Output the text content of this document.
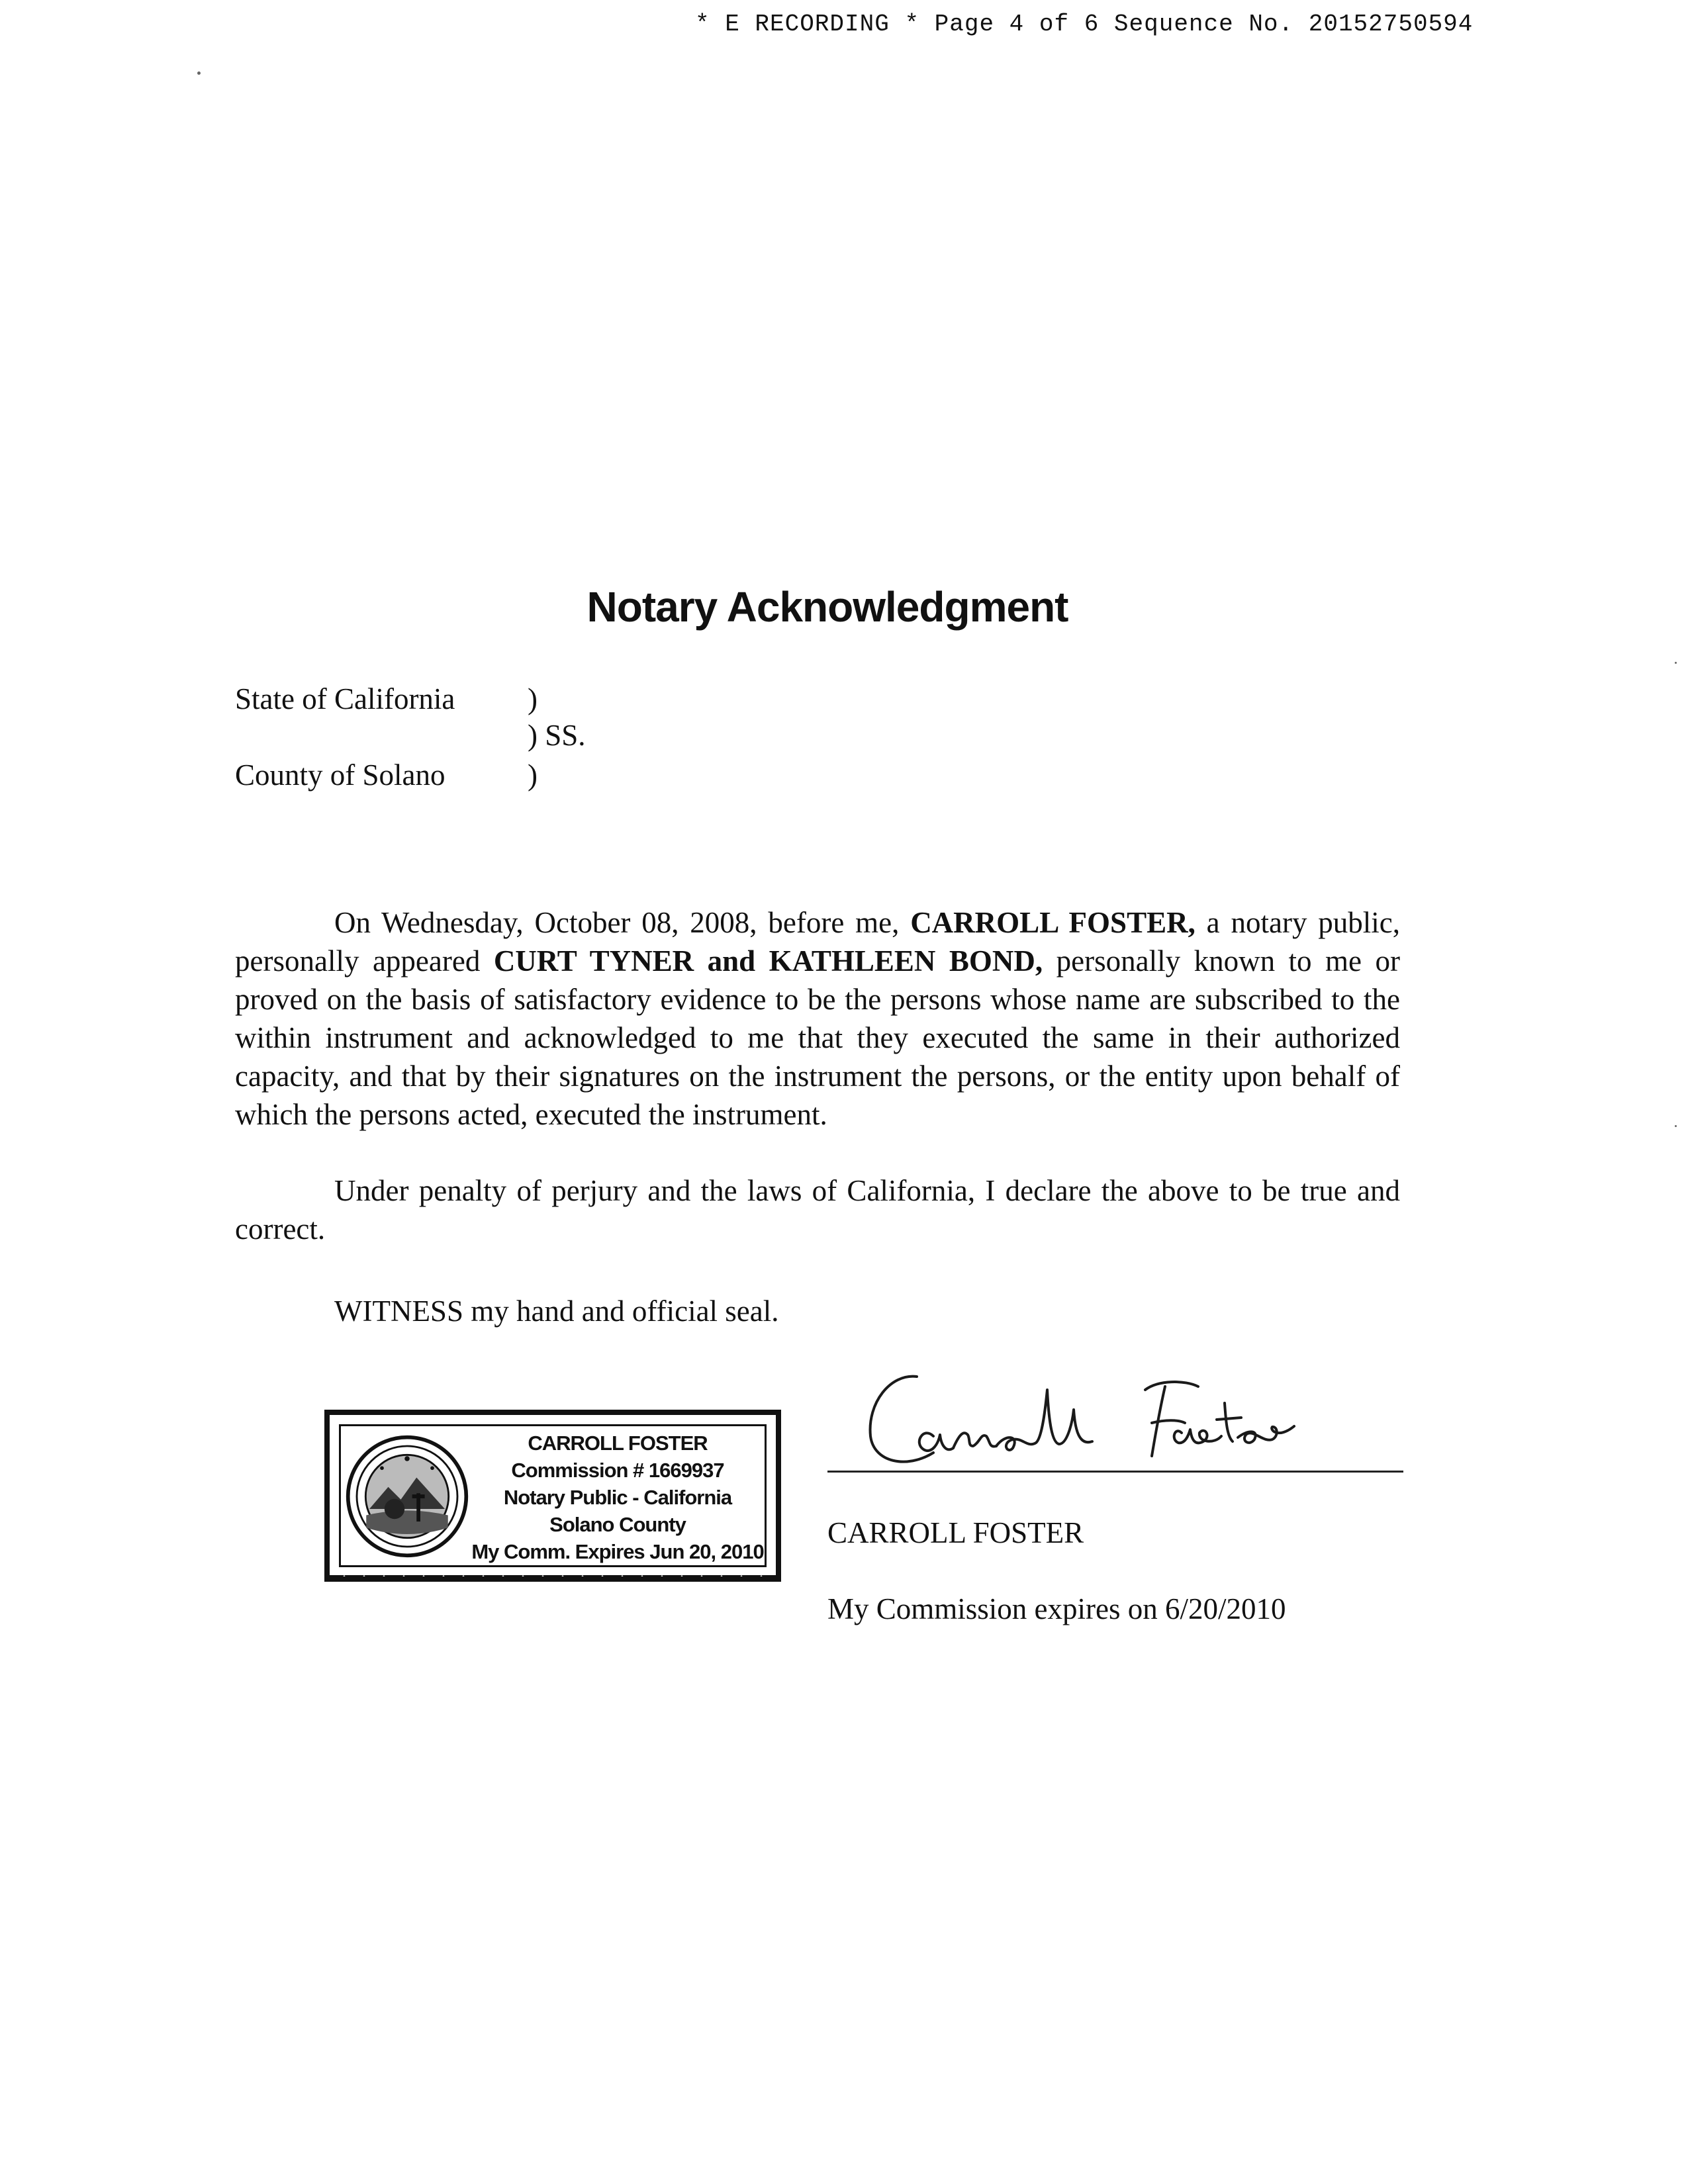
* E RECORDING * Page 4 of 6 Sequence No. 20152750594
Notary Acknowledgment
State of California )
) SS.
County of Solano	)
On Wednesday, October 08, 2008, before me, CARROLL FOSTER, a notary public, personally appeared CURT TYNER and KATHLEEN BOND, personally known to me or proved on the basis of satisfactory evidence to be the persons whose name are subscribed to the within instrument and acknowledged to me that they executed the same in their authorized capacity, and that by their signatures on the instrument the persons, or the entity upon behalf of which the persons acted, executed the instrument.
Under penalty of perjury and the laws of California, I declare the above to be true and correct.
WITNESS my hand and official seal.
CARROLL FOSTER
Commission # 1669937
Notary Public - California
Solano County
My Comm. Expires Jun 20, 2010
CARROLL FOSTER
My Commission expires on 6/20/2010
